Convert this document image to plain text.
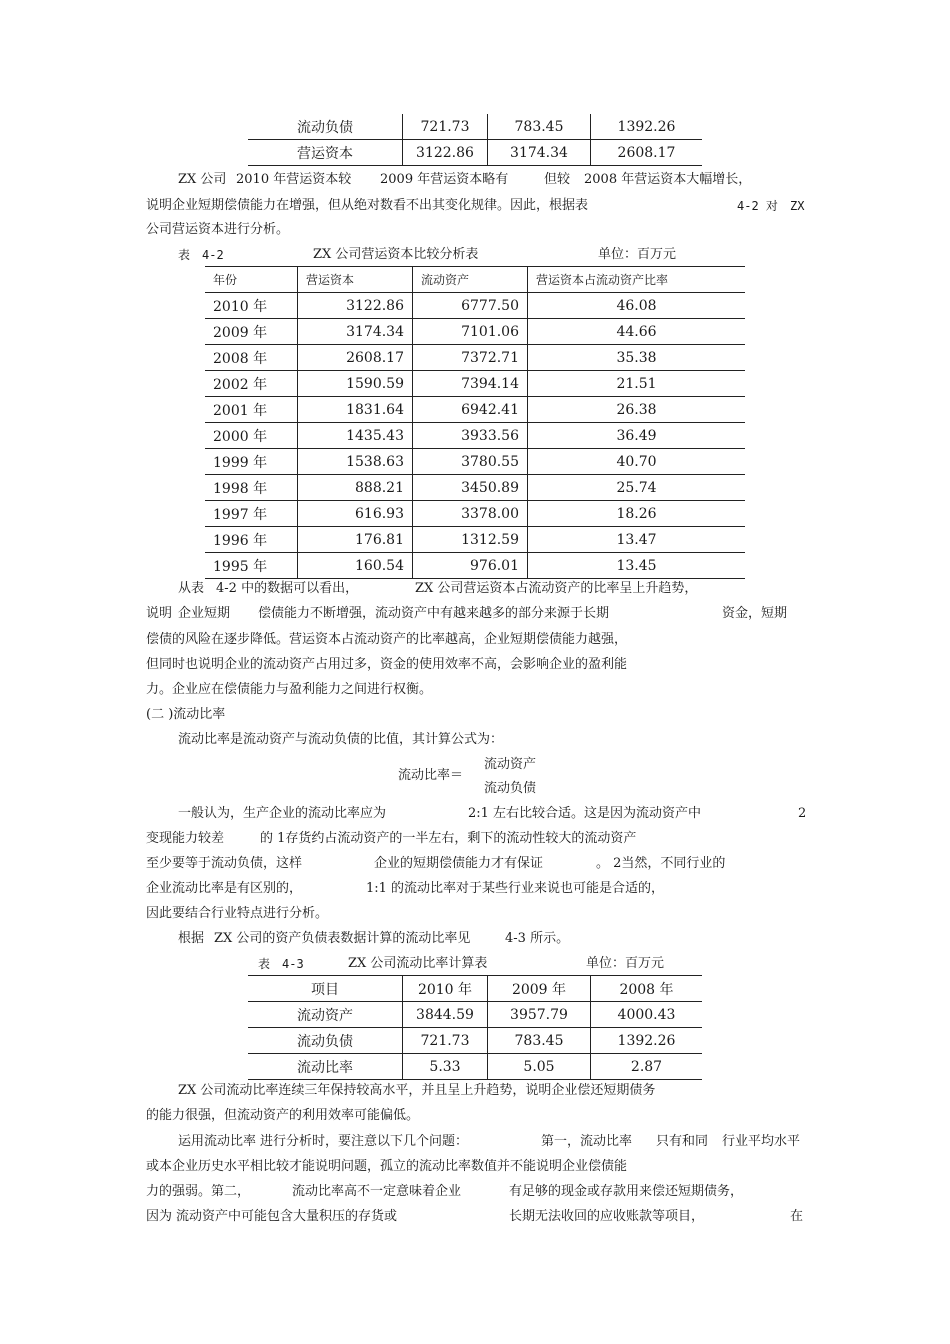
流动负债	721.73	783.45	1392.26
营运资本	3122.86	3174.34	2608.17
ZX 公司 2010 年营运资本较 2009 年营运资本略有	但较 2008 年营运资本大幅增长，
说明企业短期偿债能力在增强，但从绝对数看不出其变化规律。因此，根据表	4-2 对 ZX
公司营运资本进行分析。
表　4-2	ZX 公司营运资本比较分析表	单位：百万元
年份	营运资本	流动资产	营运资本占流动资产比率
2010 年	3122.86	6777.50	46.08
2009 年	3174.34	7101.06	44.66
2008 年	2608.17	7372.71	35.38
2002 年	1590.59	7394.14	21.51
2001 年	1831.64	6942.41	26.38
2000 年	1435.43	3933.56	36.49
1999 年	1538.63	3780.55	40.70
1998 年	888.21	3450.89	25.74
1997 年	616.93	3378.00	18.26
1996 年	176.81	1312.59	13.47
1995 年	160.54	976.01	13.45
从表 4-2 中的数据可以看出，	ZX 公司营运资本占流动资产的比率呈上升趋势，
说明 企业短期 偿债能力不断增强，流动资产中有越来越多的部分来源于长期	资金，短期
偿债的风险在逐步降低。营运资本占流动资产的比率越高，企业短期偿债能力越强，
但同时也说明企业的流动资产占用过多，资金的使用效率不高，会影响企业的盈利能
力。企业应在偿债能力与盈利能力之间进行权衡。
(二 )流动比率
流动比率是流动资产与流动负债的比值，其计算公式为：
流动比率＝
流动资产
流动负债
一般认为，生产企业的流动比率应为	2:1 左右比较合适。这是因为流动资产中	2
变现能力较差	的 1存货约占流动资产的一半左右，剩下的流动性较大的流动资产
至少要等于流动负债，这样	企业的短期偿债能力才有保证	。 2当然，不同行业的
企业流动比率是有区别的，	1:1 的流动比率对于某些行业来说也可能是合适的，
因此要结合行业特点进行分析。
根据 ZX 公司的资产负债表数据计算的流动比率见	4-3 所示。
表　4-3	ZX 公司流动比率计算表	单位：百万元
项目	2010 年	2009 年	2008 年
流动资产	3844.59	3957.79	4000.43
流动负债	721.73	783.45	1392.26
流动比率	5.33	5.05	2.87
ZX 公司流动比率连续三年保持较高水平，并且呈上升趋势，说明企业偿还短期债务
的能力很强，但流动资产的利用效率可能偏低。
运用流动比率 进行分析时，要注意以下几个问题：	第一，流动比率 只有和同 行业平均水平
或本企业历史水平相比较才能说明问题，孤立的流动比率数值并不能说明企业偿债能
力的强弱。第二，	流动比率高不一定意味着企业	有足够的现金或存款用来偿还短期债务，
因为 流动资产中可能包含大量积压的存货或	长期无法收回的应收账款等项目，	在
